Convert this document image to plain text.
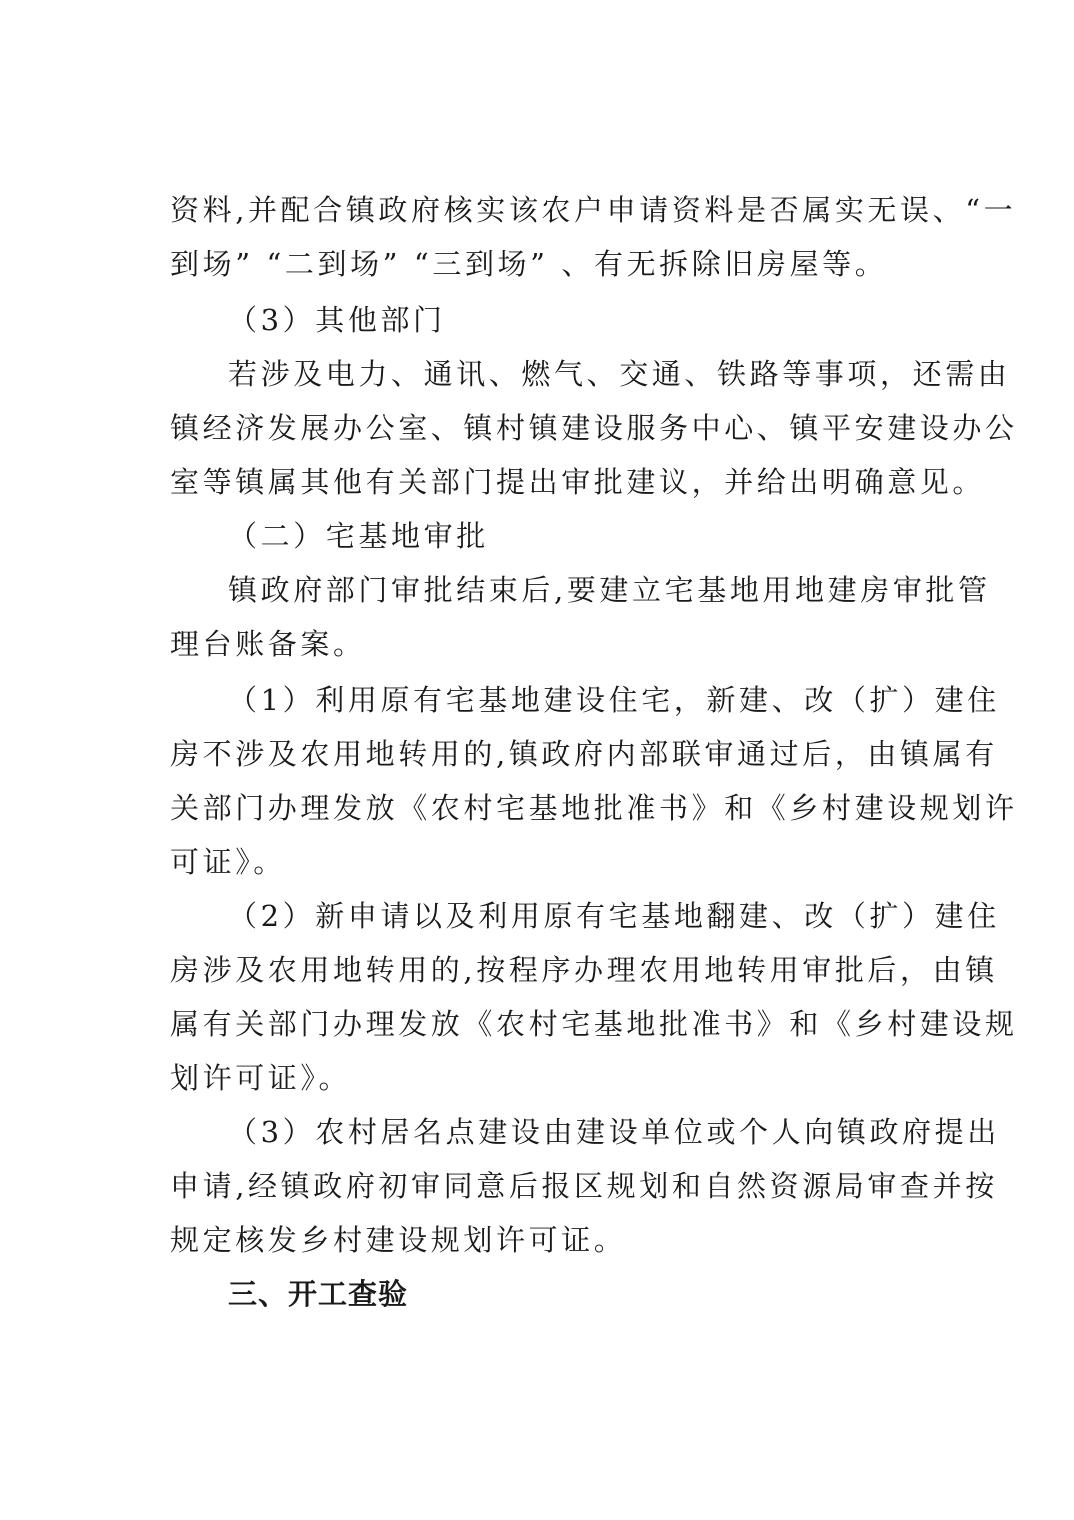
资料,并配合镇政府核实该农户申请资料是否属实无误、“一
到场” “二到场” “三到场” 、有无拆除旧房屋等。
（3）其他部门
若涉及电力、通讯、燃气、交通、铁路等事项，还需由
镇经济发展办公室、镇村镇建设服务中心、镇平安建设办公
室等镇属其他有关部门提出审批建议，并给出明确意见。
（二）宅基地审批
镇政府部门审批结束后,要建立宅基地用地建房审批管
理台账备案。
（1）利用原有宅基地建设住宅，新建、改（扩）建住
房不涉及农用地转用的,镇政府内部联审通过后，由镇属有
关部门办理发放《农村宅基地批准书》和《乡村建设规划许
可证》。
（2）新申请以及利用原有宅基地翻建、改（扩）建住
房涉及农用地转用的,按程序办理农用地转用审批后，由镇
属有关部门办理发放《农村宅基地批准书》和《乡村建设规
划许可证》。
（3）农村居名点建设由建设单位或个人向镇政府提出
申请,经镇政府初审同意后报区规划和自然资源局审查并按
规定核发乡村建设规划许可证。
三、开工查验
